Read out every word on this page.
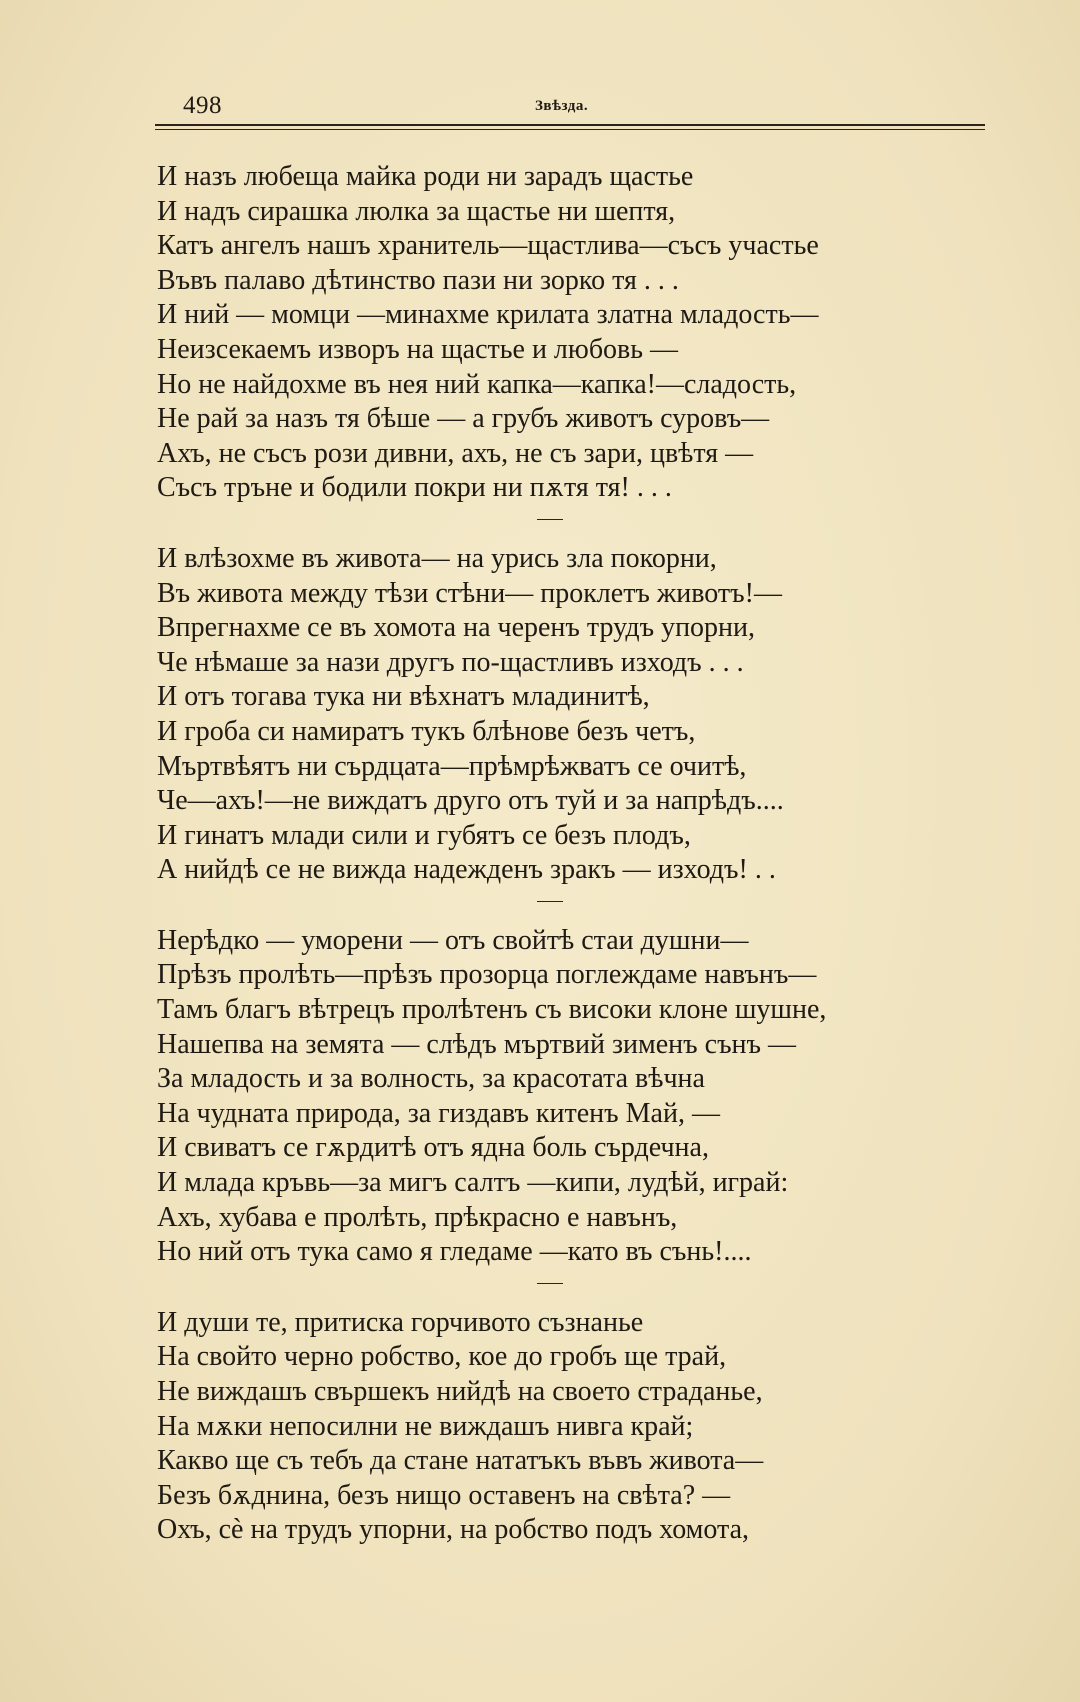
498	Звѣзда.
И назъ любеща майка роди ни зарадъ щастье
И надъ сирашка люлка за щастье ни шептя,
Катъ ангелъ нашъ хранитель—щастлива—съсъ участье
Въвъ палаво дѣтинство пази ни зорко тя . . .
И ний — момци —минахме крилата златна младость—
Неизсекаемъ изворъ на щастье и любовь —
Но не найдохме въ нея ний капка—капка!—сладость,
Не рай за назъ тя бѣше — а грубъ животъ суровъ—
Ахъ, не съсъ рози дивни, ахъ, не съ зари, цвѣтя —
Съсъ трънe и бодили покри ни пѫтя тя! . . .
И влѣзохме въ живота— на урись зла покорни,
Въ живота между тѣзи стѣни— проклетъ животъ!—
Впрегнахме се въ хомота на черенъ трудъ упорни,
Че нѣмаше за нази другъ по-щастливъ изходъ . . .
И отъ тогава тука ни вѣхнатъ младинитѣ,
И гроба си намиратъ тукъ блѣнове безъ четъ,
Мъртвѣятъ ни сърдцата—прѣмрѣжватъ се очитѣ,
Че—ахъ!—не виждатъ друго отъ туй и за напрѣдъ....
И гинатъ млади сили и губятъ се безъ плодъ,
А нийдѣ се не вижда надежденъ зракъ — изходъ! . .
Нерѣдко — уморени — отъ свойтѣ стаи душни—
Прѣзъ пролѣть—прѣзъ прозорца поглеждаме навънъ—
Тамъ благъ вѣтрецъ пролѣтенъ съ високи клоне шушне,
Нашепва на земята — слѣдъ мъртвий зименъ сънъ —
За младость и за волность, за красотата вѣчна
На чудната природа, за гиздавъ китенъ Май, —
И свиватъ се гѫрдитѣ отъ ядна боль сърдечна,
И млада кръвь—за мигъ салтъ —кипи, лудѣй, играй:
Ахъ, хубава е пролѣть, прѣкрасно е навънъ,
Но ний отъ тука само я гледаме —като въ сънь!....
И души те, притиска горчивото съзнанье
На свойто черно робство, кое до гробъ ще трай,
Не виждашъ свършекъ нийдѣ на своето страданье,
На мѫки непосилни не виждашъ нивга край;
Какво ще съ тебъ да стане нататъкъ въвъ живота—
Безъ бѫднина, безъ нищо оставенъ на свѣта? —
Охъ, сѐ на трудъ упорни, на робство подъ хомота,
